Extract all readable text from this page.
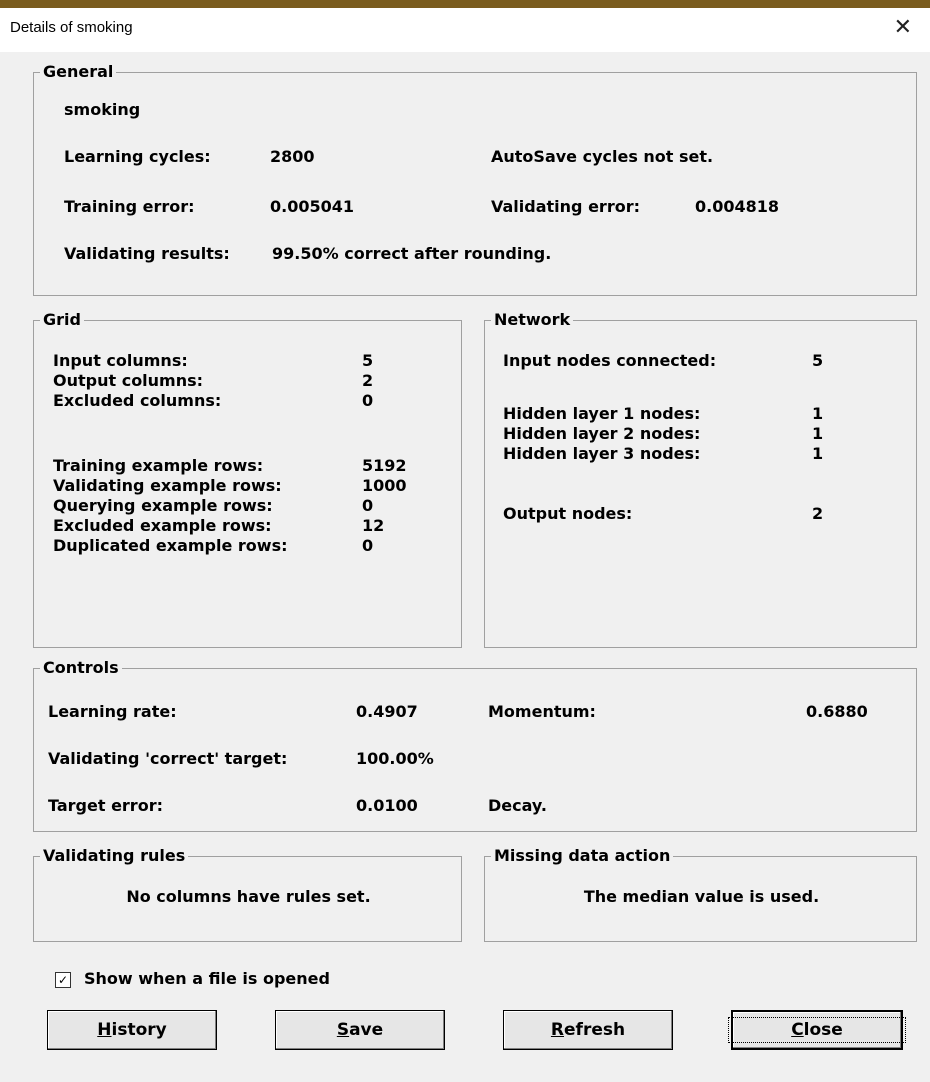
Details of smoking	✕
General
smoking
Learning cycles:	2800	AutoSave cycles not set.
Training error:	0.005041	Validating error:	0.004818
Validating results:	99.50% correct after rounding.
Grid
Input columns:	5
Output columns:	2
Excluded columns:	0
Training example rows:	5192
Validating example rows:	1000
Querying example rows:	0
Excluded example rows:	12
Duplicated example rows:	0
Network
Input nodes connected:	5
Hidden layer 1 nodes:	1
Hidden layer 2 nodes:	1
Hidden layer 3 nodes:	1
Output nodes:	2
Controls
Learning rate:	0.4907	Momentum:	0.6880
Validating 'correct' target:	100.00%
Target error:	0.0100	Decay.
Validating rules
No columns have rules set.
Missing data action
The median value is used.
✓ Show when a file is opened
History	Save	Refresh	Close
